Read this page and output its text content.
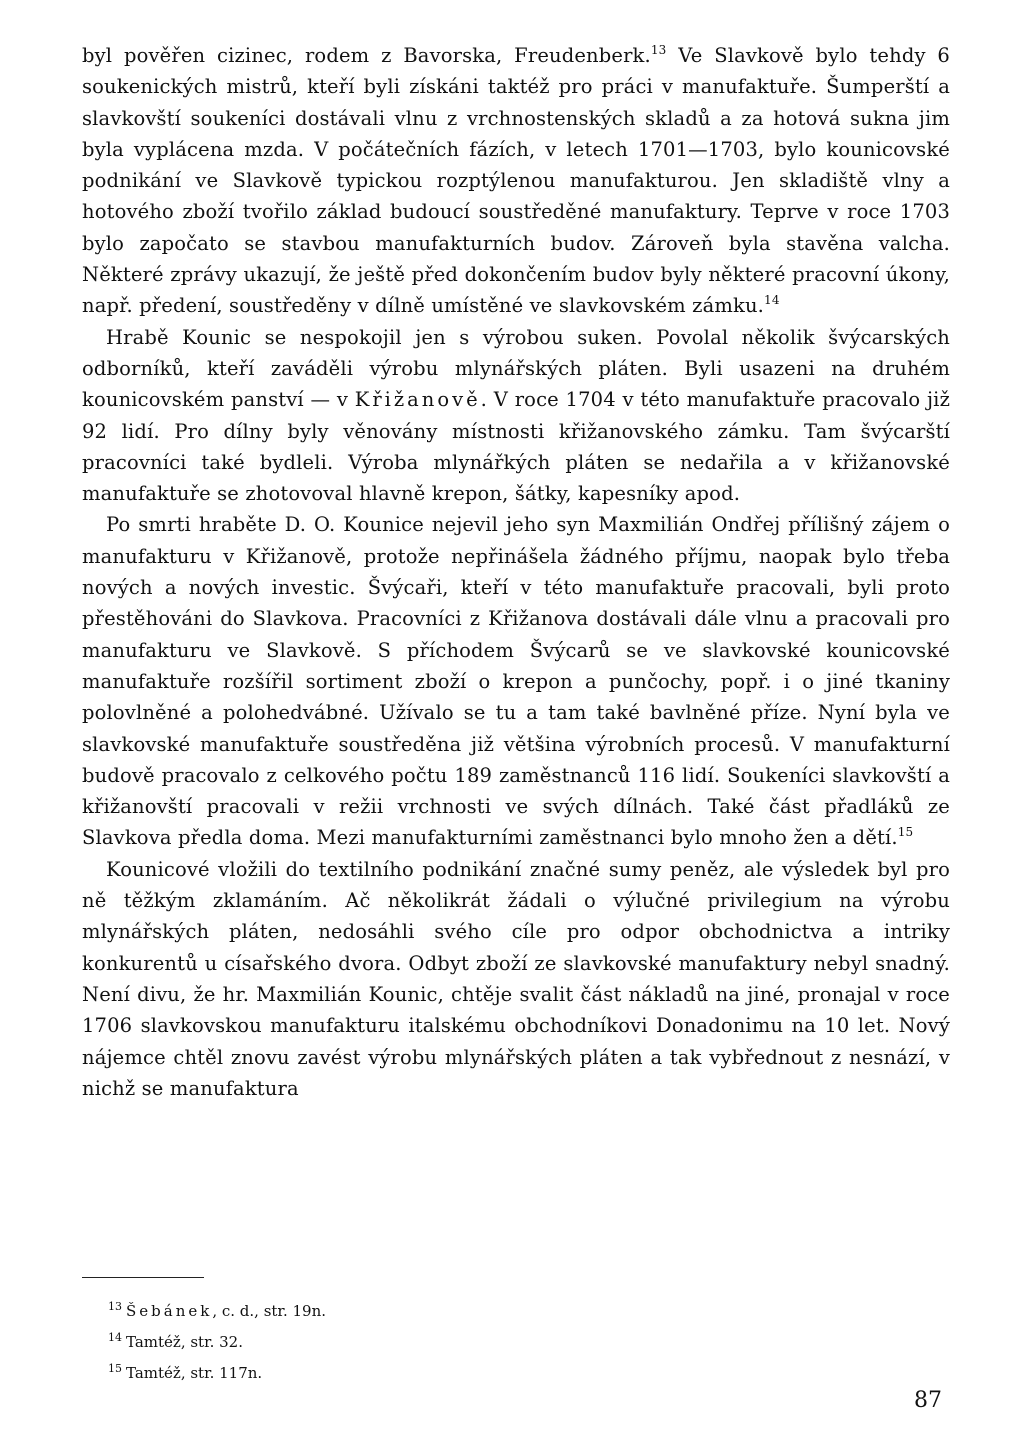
byl pověřen cizinec, rodem z Bavorska, Freudenberk.$^{13}$ Ve Slavkově bylo tehdy 6 soukenických mistrů, kteří byli získáni taktéž pro práci v manufaktuře. Šumperští a slavkovští soukeníci dostávali vlnu z vrchnostenských skladů a za hotová sukna jim byla vyplácena mzda. V počátečních fázích, v letech 1701—1703, bylo kounicovské podnikání ve Slavkově typickou rozptýlenou manufakturou. Jen skladiště vlny a hotového zboží tvořilo základ budoucí soustředěné manufaktury. Teprve v roce 1703 bylo započato se stavbou manufakturních budov. Zároveň byla stavěna valcha. Některé zprávy ukazují, že ještě před dokončením budov byly některé pracovní úkony, např. předení, soustředěny v dílně umístěné ve slavkovském zámku.$^{14}$

Hrabě Kounic se nespokojil jen s výrobou suken. Povolal několik švýcarských odborníků, kteří zaváděli výrobu mlynářských pláten. Byli usazeni na druhém kounicovském panství — v Křižanově. V roce 1704 v této manufaktuře pracovalo již 92 lidí. Pro dílny byly věnovány místnosti křižanovského zámku. Tam švýcarští pracovníci také bydleli. Výroba mlynářkých pláten se nedařila a v křižanovské manufaktuře se zhotovoval hlavně krepon, šátky, kapesníky apod.

Po smrti hraběte D. O. Kounice nejevil jeho syn Maxmilián Ondřej přílišný zájem o manufakturu v Křižanově, protože nepřinášela žádného příjmu, naopak bylo třeba nových a nových investic. Švýcaři, kteří v této manufaktuře pracovali, byli proto přestěhováni do Slavkova. Pracovníci z Křižanova dostávali dále vlnu a pracovali pro manufakturu ve Slavkově. S příchodem Švýcarů se ve slavkovské kounicovské manufaktuře rozšířil sortiment zboží o krepon a punčochy, popř. i o jiné tkaniny polovlněné a polohedvábné. Užívalo se tu a tam také bavlněné příze. Nyní byla ve slavkovské manufaktuře soustředěna již většina výrobních procesů. V manufakturní budově pracovalo z celkového počtu 189 zaměstnanců 116 lidí. Soukeníci slavkovští a křižanovští pracovali v režii vrchnosti ve svých dílnách. Také část přadláků ze Slavkova předla doma. Mezi manufakturními zaměstnanci bylo mnoho žen a dětí.$^{15}$

Kounicové vložili do textilního podnikání značné sumy peněz, ale výsledek byl pro ně těžkým zklamáním. Ač několikrát žádali o výlučné privilegium na výrobu mlynářských pláten, nedosáhli svého cíle pro odpor obchodnictva a intriky konkurentů u císařského dvora. Odbyt zboží ze slavkovské manufaktury nebyl snadný. Není divu, že hr. Maxmilián Kounic, chtěje svalit část nákladů na jiné, pronajal v roce 1706 slavkovskou manufakturu italskému obchodníkovi Donadonimu na 10 let. Nový nájemce chtěl znovu zavést výrobu mlynářských pláten a tak vybřednout z nesnází, v nichž se manufaktura

$^{13}$ Šebánek, c. d., str. 19n.
$^{14}$ Tamtéž, str. 32.
$^{15}$ Tamtéž, str. 117n.
87
